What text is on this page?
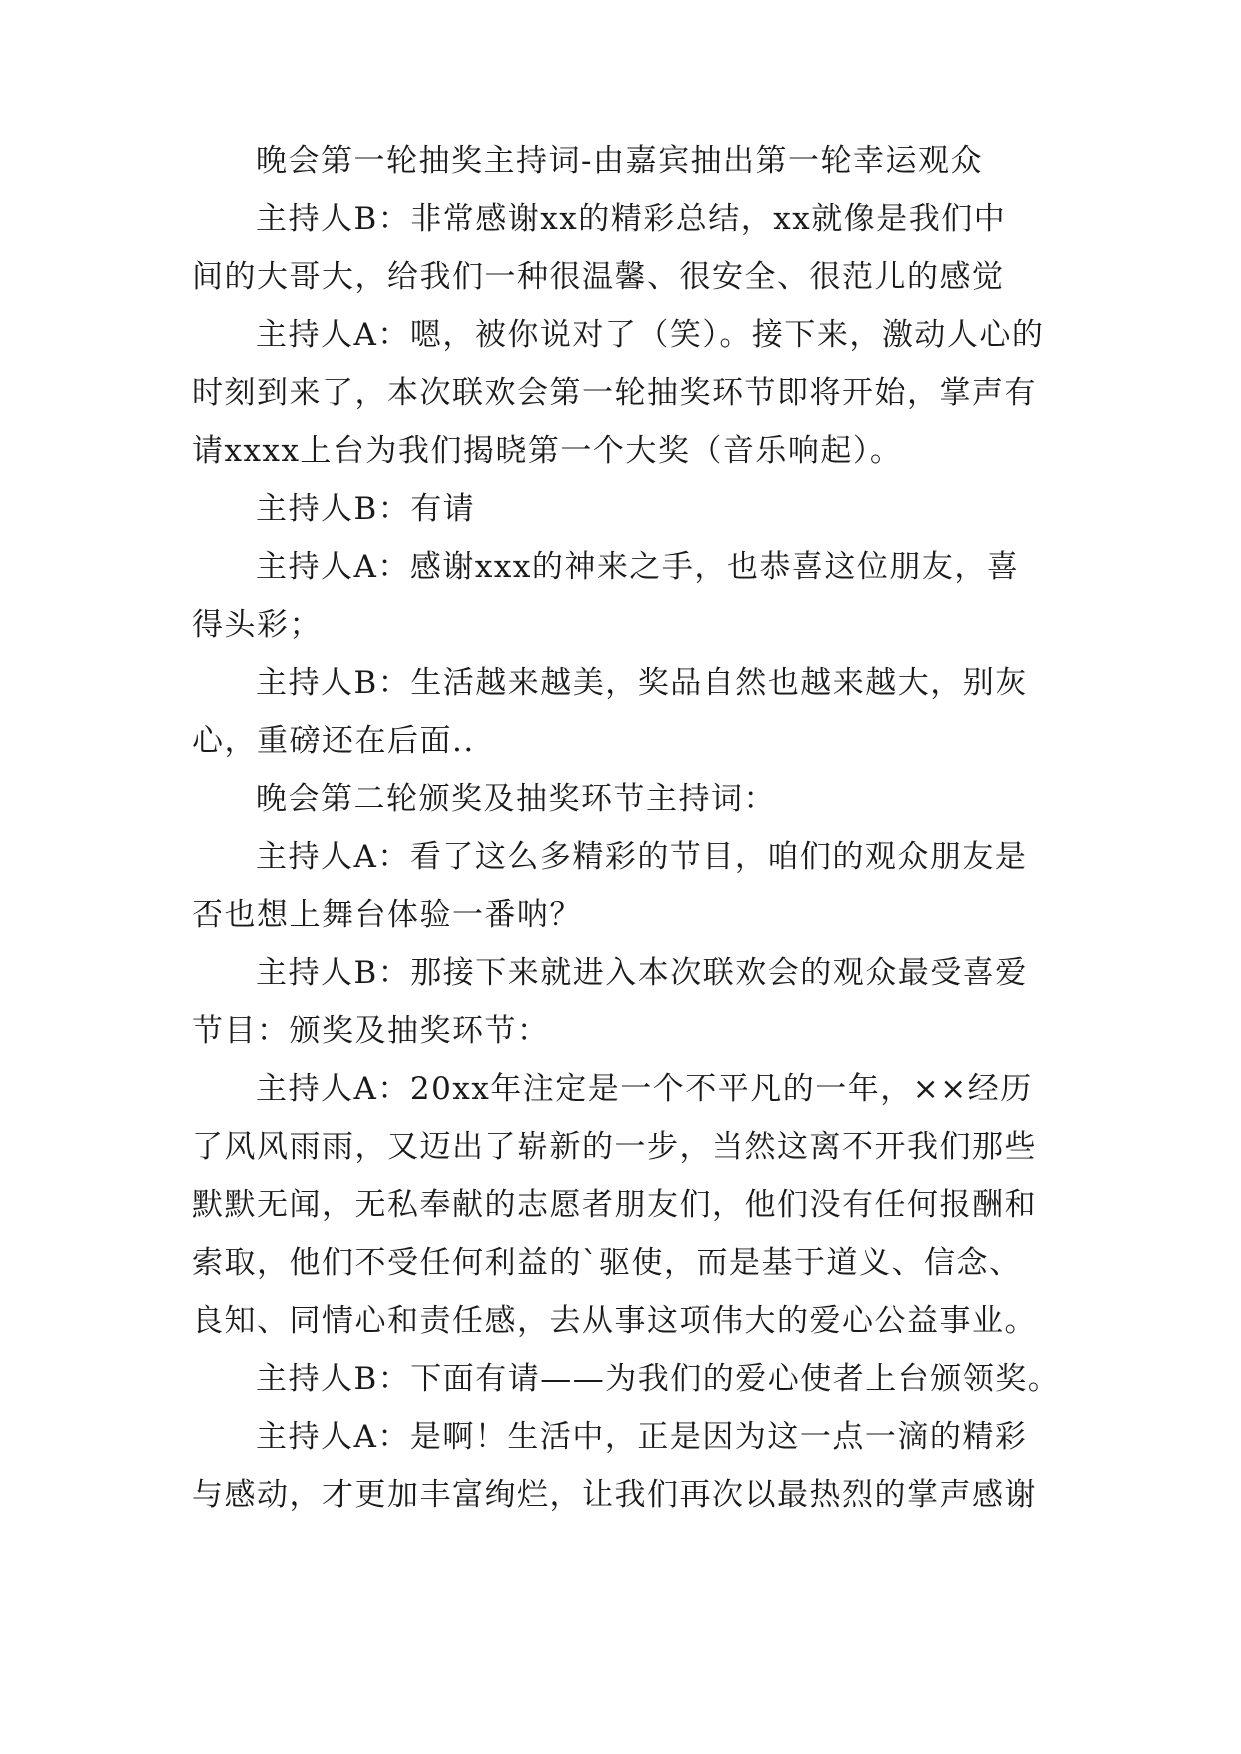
晚会第一轮抽奖主持词-由嘉宾抽出第一轮幸运观众
主持人B：非常感谢xx的精彩总结，xx就像是我们中
间的大哥大，给我们一种很温馨、很安全、很范儿的感觉
主持人A：嗯，被你说对了（笑）。接下来，激动人心的
时刻到来了，本次联欢会第一轮抽奖环节即将开始，掌声有
请xxxx上台为我们揭晓第一个大奖（音乐响起）。
主持人B：有请
主持人A：感谢xxx的神来之手，也恭喜这位朋友，喜
得头彩；
主持人B：生活越来越美，奖品自然也越来越大，别灰
心，重磅还在后面..
晚会第二轮颁奖及抽奖环节主持词：
主持人A：看了这么多精彩的节目，咱们的观众朋友是
否也想上舞台体验一番呐？
主持人B：那接下来就进入本次联欢会的观众最受喜爱
节目：颁奖及抽奖环节：
主持人A：20xx年注定是一个不平凡的一年，××经历
了风风雨雨，又迈出了崭新的一步，当然这离不开我们那些
默默无闻，无私奉献的志愿者朋友们，他们没有任何报酬和
索取，他们不受任何利益的`驱使，而是基于道义、信念、
良知、同情心和责任感，去从事这项伟大的爱心公益事业。
主持人B：下面有请——为我们的爱心使者上台颁领奖。
主持人A：是啊！生活中，正是因为这一点一滴的精彩
与感动，才更加丰富绚烂，让我们再次以最热烈的掌声感谢
